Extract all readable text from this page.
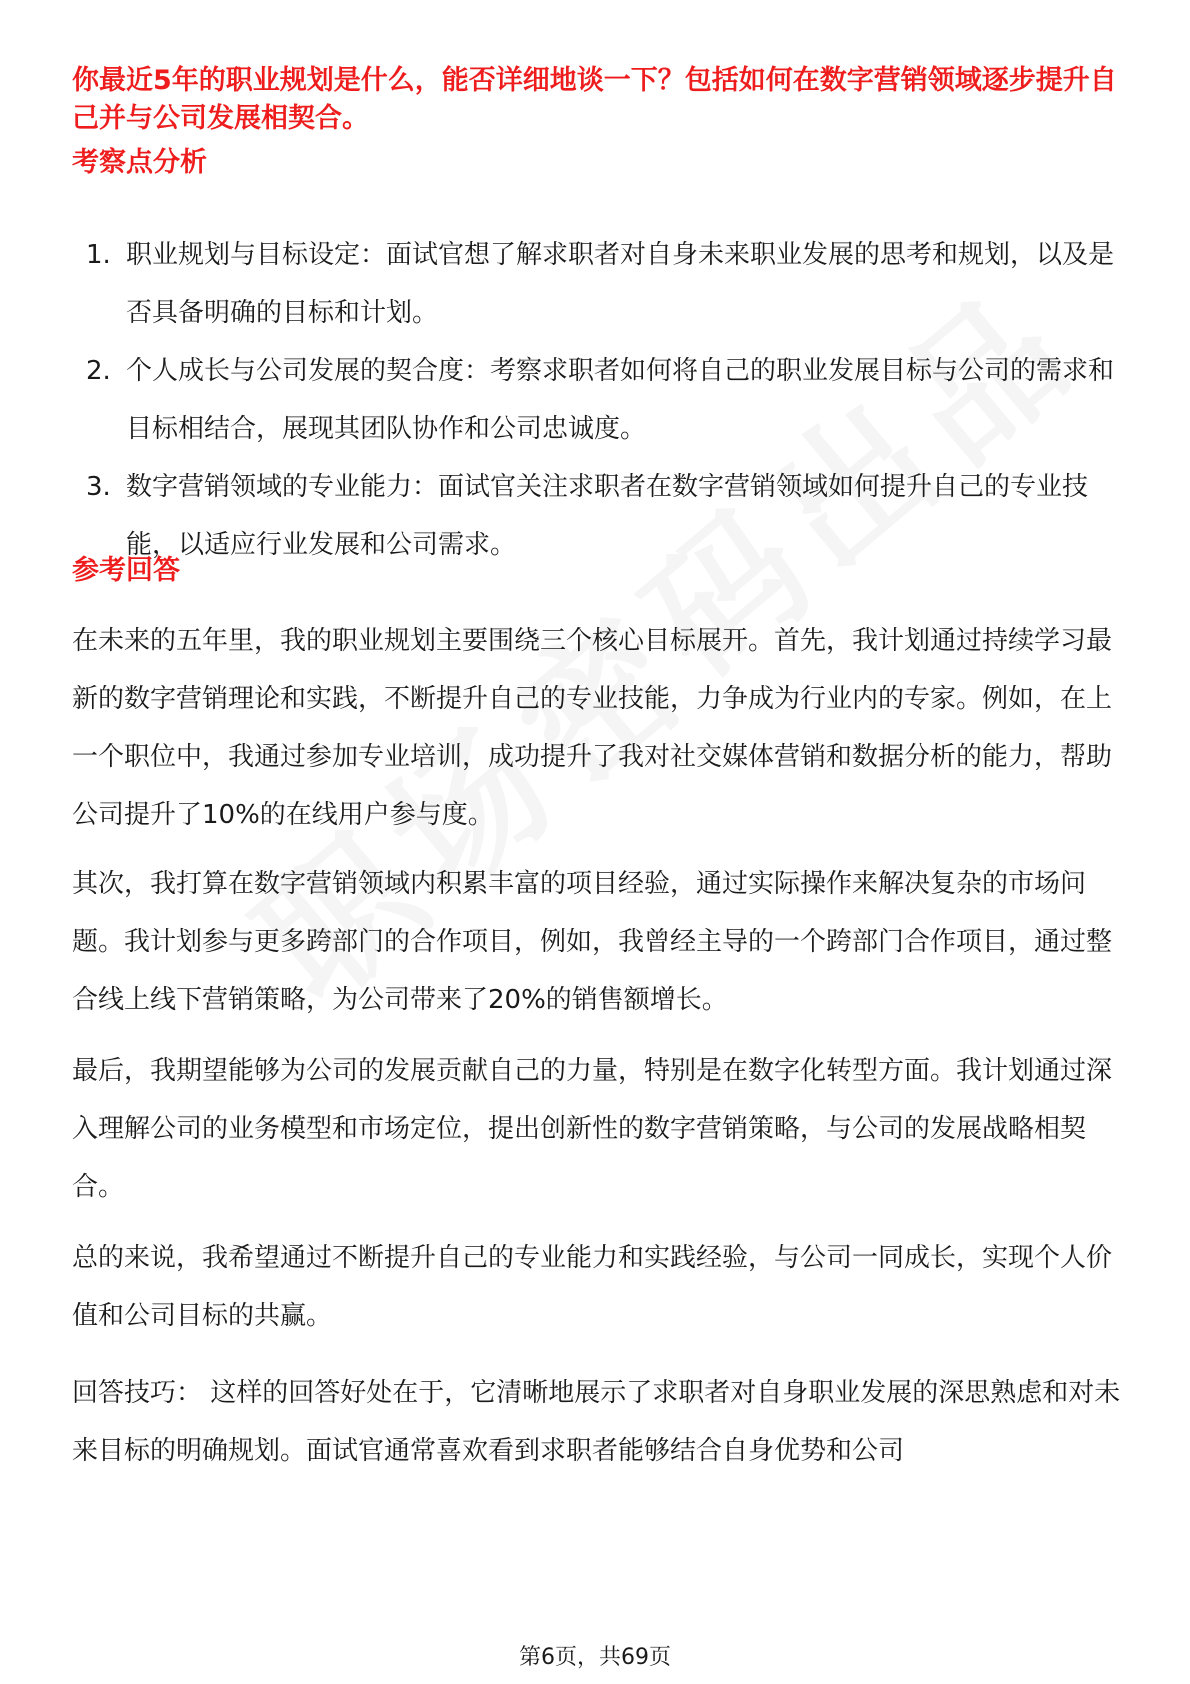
你最近5年的职业规划是什么，能否详细地谈一下？包括如何在数字营销领域逐步提升自己并与公司发展相契合。

考察点分析
1. 职业规划与目标设定：面试官想了解求职者对自身未来职业发展的思考和规划，以及是否具备明确的目标和计划。
2. 个人成长与公司发展的契合度：考察求职者如何将自己的职业发展目标与公司的需求和目标相结合，展现其团队协作和公司忠诚度。
3. 数字营销领域的专业能力：面试官关注求职者在数字营销领域如何提升自己的专业技能，以适应行业发展和公司需求。
参考回答

在未来的五年里，我的职业规划主要围绕三个核心目标展开。首先，我计划通过持续学习最新的数字营销理论和实践，不断提升自己的专业技能，力争成为行业内的专家。例如，在上一个职位中，我通过参加专业培训，成功提升了我对社交媒体营销和数据分析的能力，帮助公司提升了10%的在线用户参与度。

其次，我打算在数字营销领域内积累丰富的项目经验，通过实际操作来解决复杂的市场问题。我计划参与更多跨部门的合作项目，例如，我曾经主导的一个跨部门合作项目，通过整合线上线下营销策略，为公司带来了20%的销售额增长。

最后，我期望能够为公司的发展贡献自己的力量，特别是在数字化转型方面。我计划通过深入理解公司的业务模型和市场定位，提出创新性的数字营销策略，与公司的发展战略相契合。

总的来说，我希望通过不断提升自己的专业能力和实践经验，与公司一同成长，实现个人价值和公司目标的共赢。

回答技巧： 这样的回答好处在于，它清晰地展示了求职者对自身职业发展的深思熟虑和对未来目标的明确规划。面试官通常喜欢看到求职者能够结合自身优势和公司

第6页，共69页
